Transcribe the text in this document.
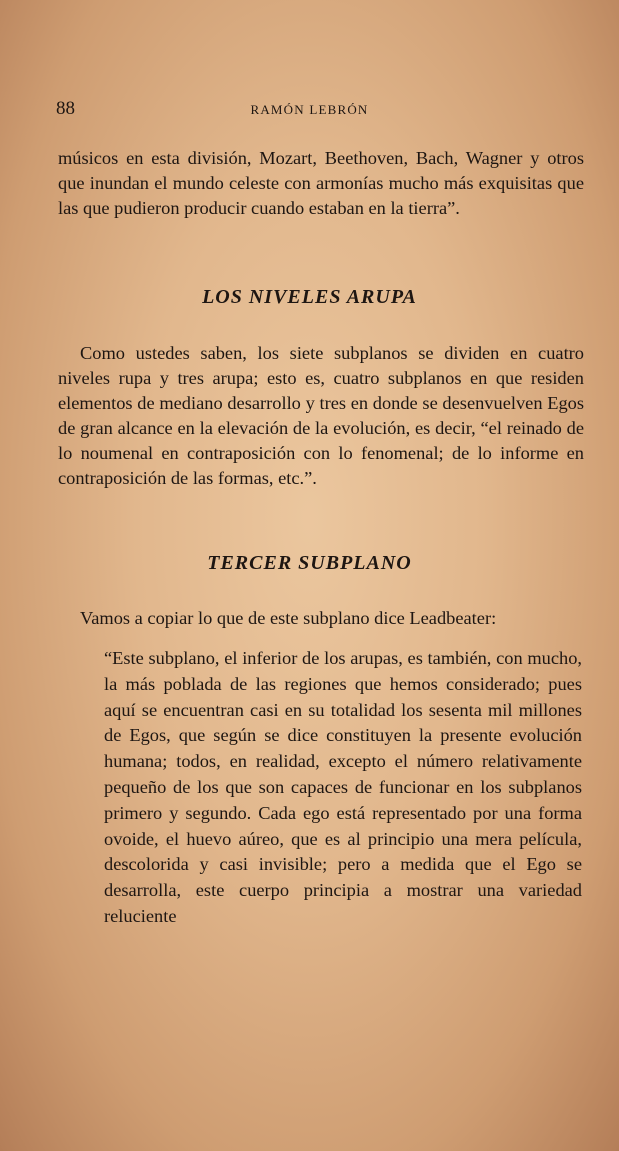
88	RAMÓN LEBRÓN

músicos en esta división, Mozart, Beethoven, Bach, Wagner y otros que inundan el mundo celeste con armonías mucho más exquisitas que las que pudieron producir cuando estaban en la tierra”.

LOS NIVELES ARUPA

Como ustedes saben, los siete subplanos se dividen en cuatro niveles rupa y tres arupa; esto es, cuatro subplanos en que residen elementos de mediano desarrollo y tres en donde se desenvuelven Egos de gran alcance en la elevación de la evolución, es decir, “el reinado de lo noumenal en contraposición con lo fenomenal; de lo informe en contraposición de las formas, etc.”.

TERCER SUBPLANO

Vamos a copiar lo que de este subplano dice Leadbeater:

“Este subplano, el inferior de los arupas, es también, con mucho, la más poblada de las regiones que hemos considerado; pues aquí se encuentran casi en su totalidad los sesenta mil millones de Egos, que según se dice constituyen la presente evolución humana; todos, en realidad, excepto el número relativamente pequeño de los que son capaces de funcionar en los subplanos primero y segundo. Cada ego está representado por una forma ovoide, el huevo aúreo, que es al principio una mera película, descolorida y casi invisible; pero a medida que el Ego se desarrolla, este cuerpo principia a mostrar una variedad reluciente
